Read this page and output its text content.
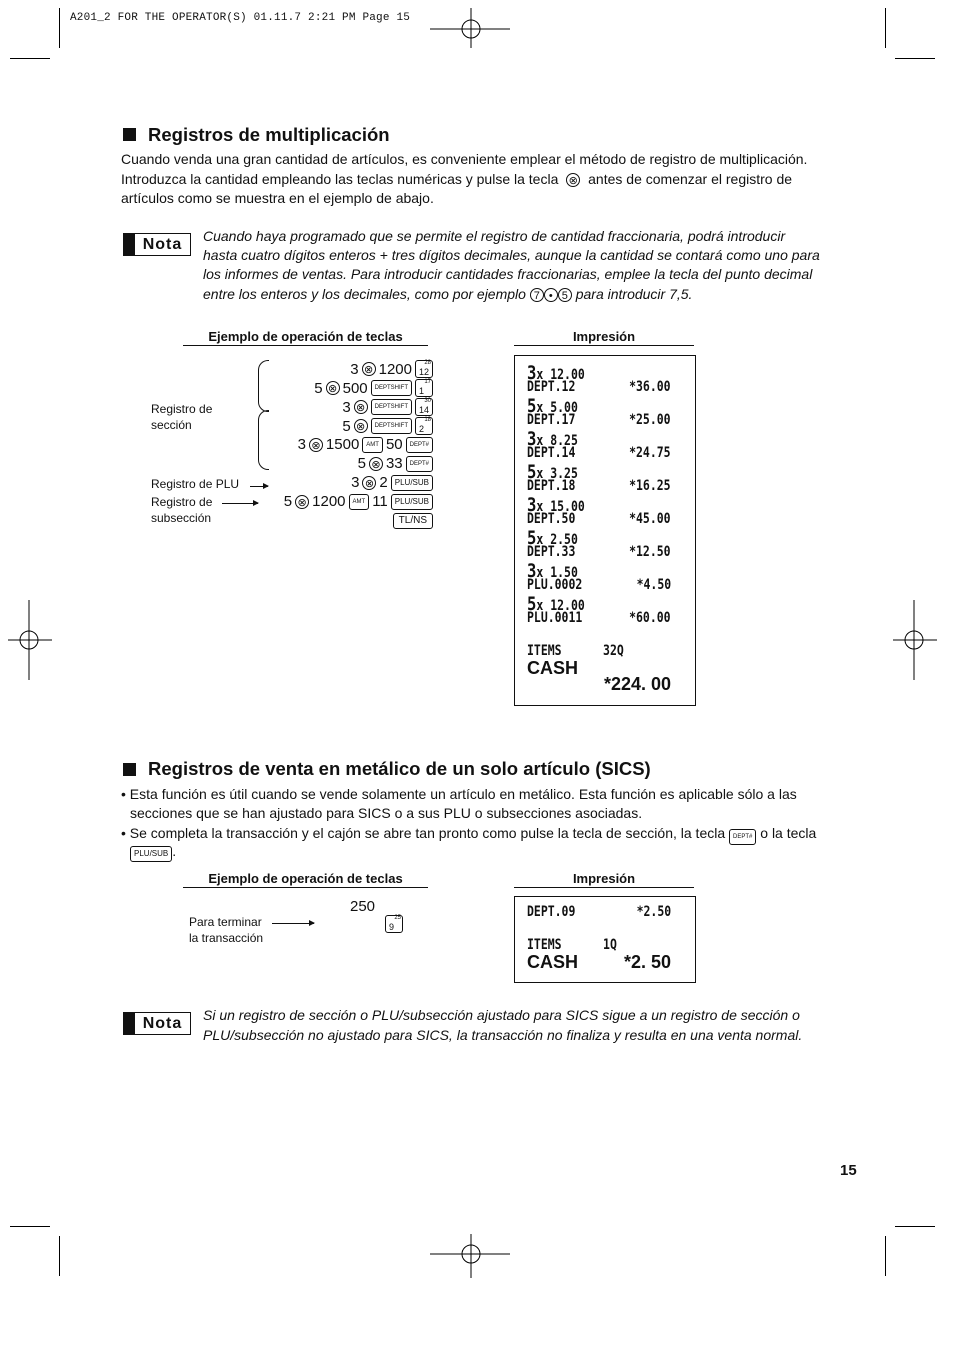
A201_2 FOR THE OPERATOR(S) 01.11.7 2:21 PM Page 15
Registros de multiplicación

Cuando venda una gran cantidad de artículos, es conveniente emplear el método de registro de multiplicación.

Introduzca la cantidad empleando las teclas numéricas y pulse la tecla ⊗ antes de comenzar el registro de

artículos como se muestra en el ejemplo de abajo.

Nota	Cuando haya programado que se permite el registro de cantidad fraccionaria, podrá introducir

hasta cuatro dígitos enteros + tres dígitos decimales, aunque la cantidad se contará como uno para

los informes de ventas. Para introducir cantidades fraccionarias, emplee la tecla del punto decimal

entre los enteros y los decimales, como por ejemplo 7 • 5 para introducir 7,5.

Ejemplo de operación de teclas	Impresión
Registro de
sección
Registro de PLU
Registro de
subsección
3 ⊗ 1200 28
12
5 ⊗ 500	DEPTSHIFT
17
1
3 ⊗	DEPTSHIFT
30
14
5 ⊗	DEPTSHIFT
18
2
3 ⊗ 1500	AMT 50	DEPT#
5 ⊗ 33	DEPT#
3 ⊗ 2 PLU/SUB
5 ⊗ 1200	AMT 11 PLU/SUB
TL/NS
3x 12.00
DEPT.12	*36.00
5x 5.00
DEPT.17	*25.00
3x 8.25
DEPT.14	*24.75
5x 3.25
DEPT.18	*16.25
3x 15.00
DEPT.50	*45.00
5x 2.50
DEPT.33	*12.50
3x 1.50
PLU.0002	*4.50
5x 12.00
PLU.0011	*60.00
ITEMS      32Q
CASH
*224. 00
Registros de venta en metálico de un solo artículo (SICS)

• Esta función es útil cuando se vende solamente un artículo en metálico. Esta función es aplicable sólo a las

secciones que se han ajustado para SICS o a sus PLU o subsecciones asociadas.

• Se completa la transacción y el cajón se abre tan pronto como pulse la tecla de sección, la tecla DEPT# o la tecla

PLU/SUB .
Ejemplo de operación de teclas	Impresión
250
25
9
Para terminar
la transacción
DEPT.09	*2.50
ITEMS      1Q
CASH	*2. 50
Nota	Si un registro de sección o PLU/subsección ajustado para SICS sigue a un registro de sección o

PLU/subsección no ajustado para SICS, la transacción no finaliza y resulta en una venta normal.

15
